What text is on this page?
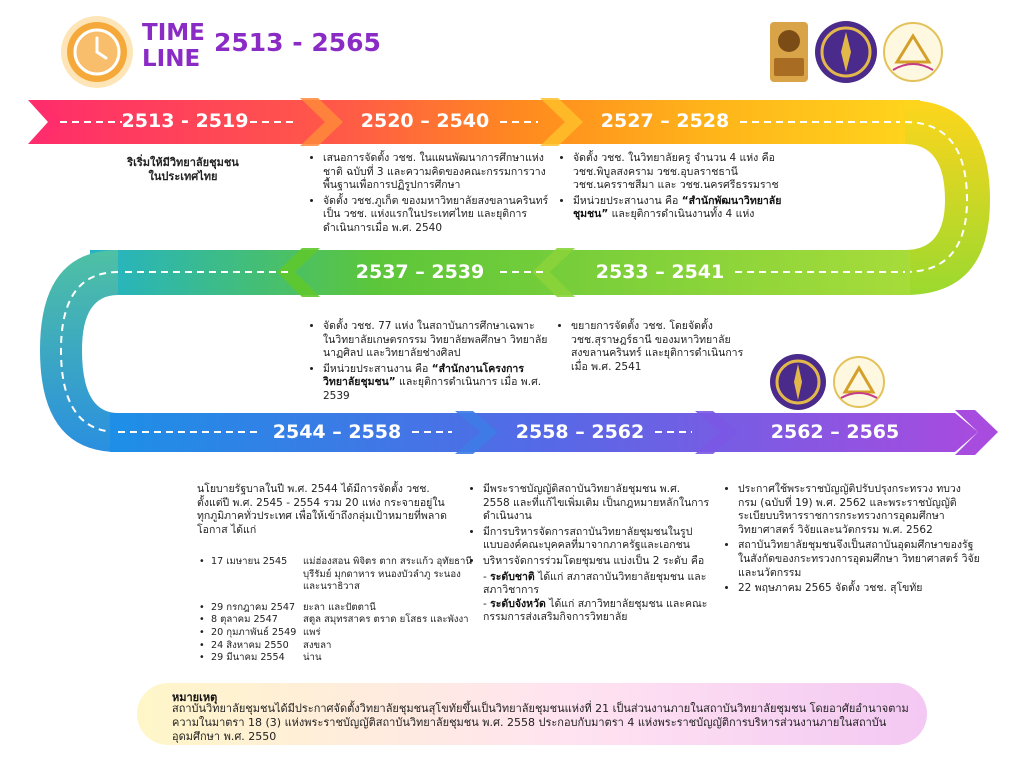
TIME
LINE
2513 - 2565
2513 - 2519	2520 – 2540	2527 – 2528
2537 – 2539	2533 – 2541
2544 – 2558	2558 – 2562	2562 – 2565
ริเริ่มให้มีวิทยาลัยชุมชน
ในประเทศไทย
• เสนอการจัดตั้ง วชช. ในแผนพัฒนาการศึกษาแห่งชาติ ฉบับที่ 3 และความคิดของคณะกรรมการวางพื้นฐานเพื่อการปฏิรูปการศึกษา
• จัดตั้ง วชช.ภูเก็ต ของมหาวิทยาลัยสงขลานครินทร์ เป็น วชช. แห่งแรกในประเทศไทย และยุติการดำเนินการเมื่อ พ.ศ. 2540
• จัดตั้ง วชช. ในวิทยาลัยครู จำนวน 4 แห่ง คือ วชช.พิบูลสงคราม วชช.อุบลราชธานี วชช.นครราชสีมา และ วชช.นครศรีธรรมราช
• มีหน่วยประสานงาน คือ “สำนักพัฒนาวิทยาลัยชุมชน” และยุติการดำเนินงานทั้ง 4 แห่ง
• จัดตั้ง วชช. 77 แห่ง ในสถาบันการศึกษาเฉพาะ ในวิทยาลัยเกษตรกรรม วิทยาลัยพลศึกษา วิทยาลัยนาฏศิลป และวิทยาลัยช่างศิลป
• มีหน่วยประสานงาน คือ “สำนักงานโครงการวิทยาลัยชุมชน” และยุติการดำเนินการ เมื่อ พ.ศ. 2539
• ขยายการจัดตั้ง วชช. โดยจัดตั้ง วชช.สุราษฎร์ธานี ของมหาวิทยาลัยสงขลานครินทร์ และยุติการดำเนินการ เมื่อ พ.ศ. 2541
นโยบายรัฐบาลในปี พ.ศ. 2544 ได้มีการจัดตั้ง วชช. ตั้งแต่ปี พ.ศ. 2545 - 2554 รวม 20 แห่ง กระจายอยู่ในทุกภูมิภาคทั่วประเทศ เพื่อให้เข้าถึงกลุ่มเป้าหมายที่พลาดโอกาส ได้แก่
• 17 เมษายน 2545	แม่ฮ่องสอน พิจิตร ตาก สระแก้ว อุทัยธานี บุรีรัมย์ มุกดาหาร หนองบัวลำภู ระนอง และนราธิวาส
• 29 กรกฎาคม 2547 ยะลา และปัตตานี
• 8 ตุลาคม 2547	สตูล สมุทรสาคร ตราด ยโสธร และพังงา
• 20 กุมภาพันธ์ 2549 แพร่
• 24 สิงหาคม 2550	สงขลา
• 29 มีนาคม 2554	น่าน
• มีพระราชบัญญัติสถาบันวิทยาลัยชุมชน พ.ศ. 2558 และที่แก้ไขเพิ่มเติม เป็นกฎหมายหลักในการดำเนินงาน
• มีการบริหารจัดการสถาบันวิทยาลัยชุมชนในรูปแบบองค์คณะบุคคลที่มาจากภาครัฐและเอกชน
• บริหารจัดการร่วมโดยชุมชน แบ่งเป็น 2 ระดับ คือ
- ระดับชาติ ได้แก่ สภาสถาบันวิทยาลัยชุมชน และสภาวิชาการ
- ระดับจังหวัด ได้แก่ สภาวิทยาลัยชุมชน และคณะกรรมการส่งเสริมกิจการวิทยาลัย
• ประกาศใช้พระราชบัญญัติปรับปรุงกระทรวง ทบวง กรม (ฉบับที่ 19) พ.ศ. 2562 และพระราชบัญญัติระเบียบบริหารราชการกระทรวงการอุดมศึกษา วิทยาศาสตร์ วิจัยและนวัตกรรม พ.ศ. 2562
• สถาบันวิทยาลัยชุมชนจึงเป็นสถาบันอุดมศึกษาของรัฐในสังกัดของกระทรวงการอุดมศึกษา วิทยาศาสตร์ วิจัยและนวัตกรรม
• 22 พฤษภาคม 2565 จัดตั้ง วชช. สุโขทัย
หมายเหตุ
สถาบันวิทยาลัยชุมชนได้มีประกาศจัดตั้งวิทยาลัยชุมชนสุโขทัยขึ้นเป็นวิทยาลัยชุมชนแห่งที่ 21 เป็นส่วนงานภายในสถาบันวิทยาลัยชุมชน โดยอาศัยอำนาจตามความในมาตรา 18 (3) แห่งพระราชบัญญัติสถาบันวิทยาลัยชุมชน พ.ศ. 2558 ประกอบกับมาตรา 4 แห่งพระราชบัญญัติการบริหารส่วนงานภายในสถาบันอุดมศึกษา พ.ศ. 2550
